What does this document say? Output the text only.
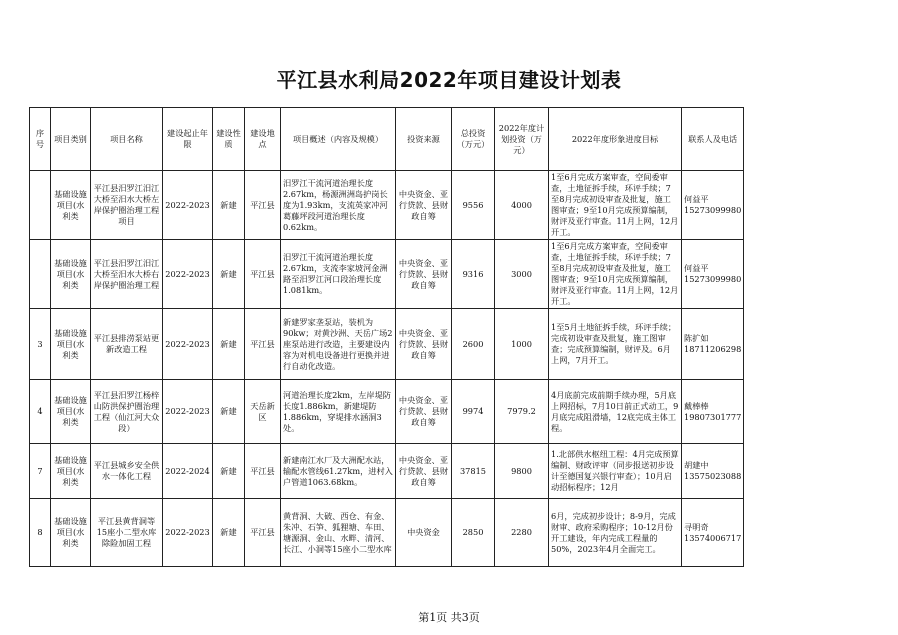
平江县水利局2022年项目建设计划表
序号	项目类别	项目名称	建设起止年限	建设性质	建设地点	项目概述（内容及规模）	投资来源	总投资（万元）	2022年度计划投资（万元）	2022年度形象进度目标	联系人及电话
	基础设施项目(水利类	平江县汨罗江汨江大桥至汨水大桥左岸保护圈治理工程项目	2022-2023	新建	平江县	汨罗江干流河道治理长度2.67km，杨源洲洲岛护岗长度为1.93km，支流英家冲河葛藤坪段河道治理长度0.62km。	中央资金、亚行贷款、县财政自筹	9556	4000	1至6月完成方案审查，空间委审查，土地征拆手续，环评手续；7至8月完成初设审查及批复，施工图审查；9至10月完成预算编制，财评及亚行审查。11月上网，12月开工。	何益平 15273099980
	基础设施项目(水利类	平江县汨罗江汨江大桥至汨水大桥右岸保护圈治理工程	2022-2023	新建	平江县	汨罗江干流河道治理长度2.67km，支流李家坡河金洲路至汨罗江河口段治理长度1.081km。	中央资金、亚行贷款、县财政自筹	9316	3000	1至6月完成方案审查，空间委审查，土地征拆手续，环评手续；7至8月完成初设审查及批复，施工图审查；9至10月完成预算编制，财评及亚行审查。11月上网，12月开工。	何益平 15273099980
3	基础设施项目(水利类	平江县排涝泵站更新改造工程	2022-2023	新建	平江县	新建罗家垄泵站，装机为90kw；对黄沙洲、天岳广场2座泵站进行改造，主要建设内容为对机电设备进行更换并进行自动化改造。	中央资金、亚行贷款、县财政自筹	2600	1000	1至5月土地征拆手续，环评手续；完成初设审查及批复，施工图审查；完成预算编制，财评及。6月上网，7月开工。	陈扩如 18711206298
4	基础设施项目(水利类	平江县汨罗江杨梓山防洪保护圈治理工程（仙江河大众段）	2022-2023	新建	天岳新区	河道治理长度2km，左岸堤防长度1.886km，新建堤防1.886km，穿堤排水涵洞3处。	中央资金、亚行贷款、县财政自筹	9974	7979.2	4月底前完成前期手续办理，5月底上网招标，7月10日前正式动工，9月底完成阻滑墙，12底完成主体工程。	戴棒棒 19807301777
7	基础设施项目(水利类	平江县城乡安全供水一体化工程	2022-2024	新建	平江县	新建南江水厂及大洲配水站，输配水管线61.27km，进村入户管道1063.68km。	中央资金、亚行贷款、县财政自筹	37815	9800	1.北部供水枢纽工程：4月完成预算编制、财政评审（同步报送初步设计至德国复兴银行审查）；10月启动招标程序；12月	胡建中 13575023088
8	基础设施项目(水利类	平江县黄背洞等15座小二型水库除险加固工程	2022-2023	新建	平江县	黄背洞、大破、西仓、有金、朱冲、石笋、狐狸塘、车田、塘源洞、金山、水畔、清河、长江、小洞等15座小二型水库	中央资金	2850	2280	6月，完成初步设计；8-9月，完成财审、政府采购程序；10-12月份开工建设，年内完成工程量的50%，2023年4月全面完工。	寻明奇 13574006717
第1页 共3页
